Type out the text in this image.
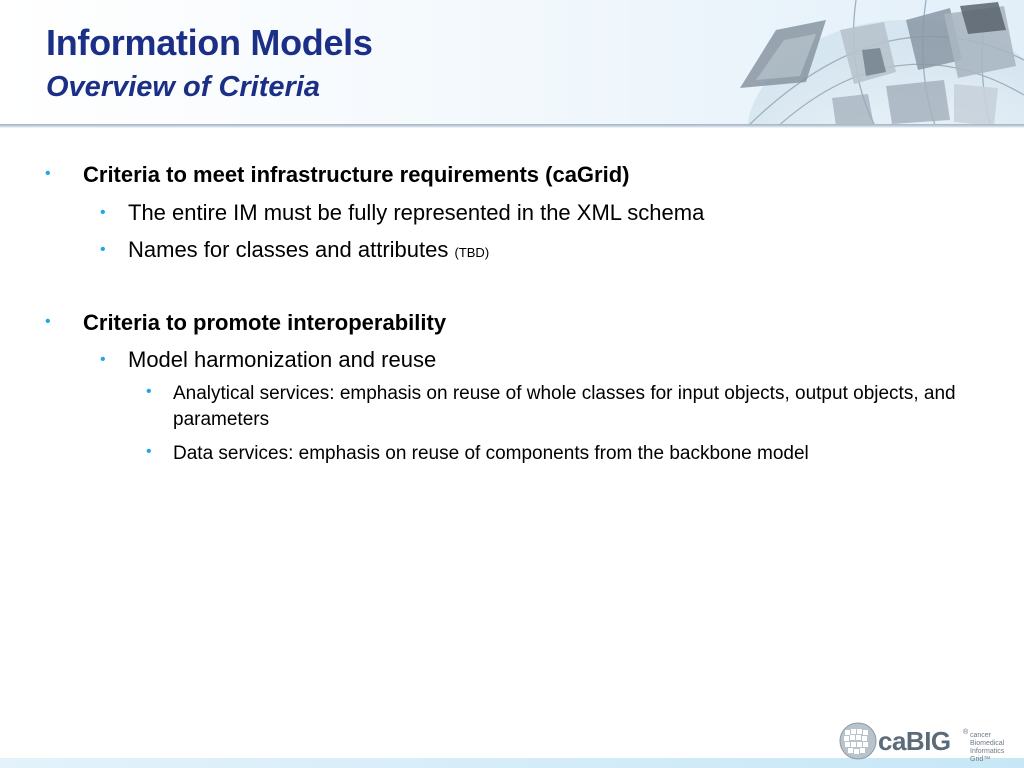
Information Models
Overview of Criteria
• Criteria to meet infrastructure requirements (caGrid)
• The entire IM must be fully represented in the XML schema
• Names for classes and attributes (TBD)
• Criteria to promote interoperability
• Model harmonization and reuse
• Analytical services: emphasis on reuse of whole classes for input objects, output objects, and parameters
• Data services: emphasis on reuse of components from the backbone model
caBIG ® cancer Biomedical Informatics Grid™
